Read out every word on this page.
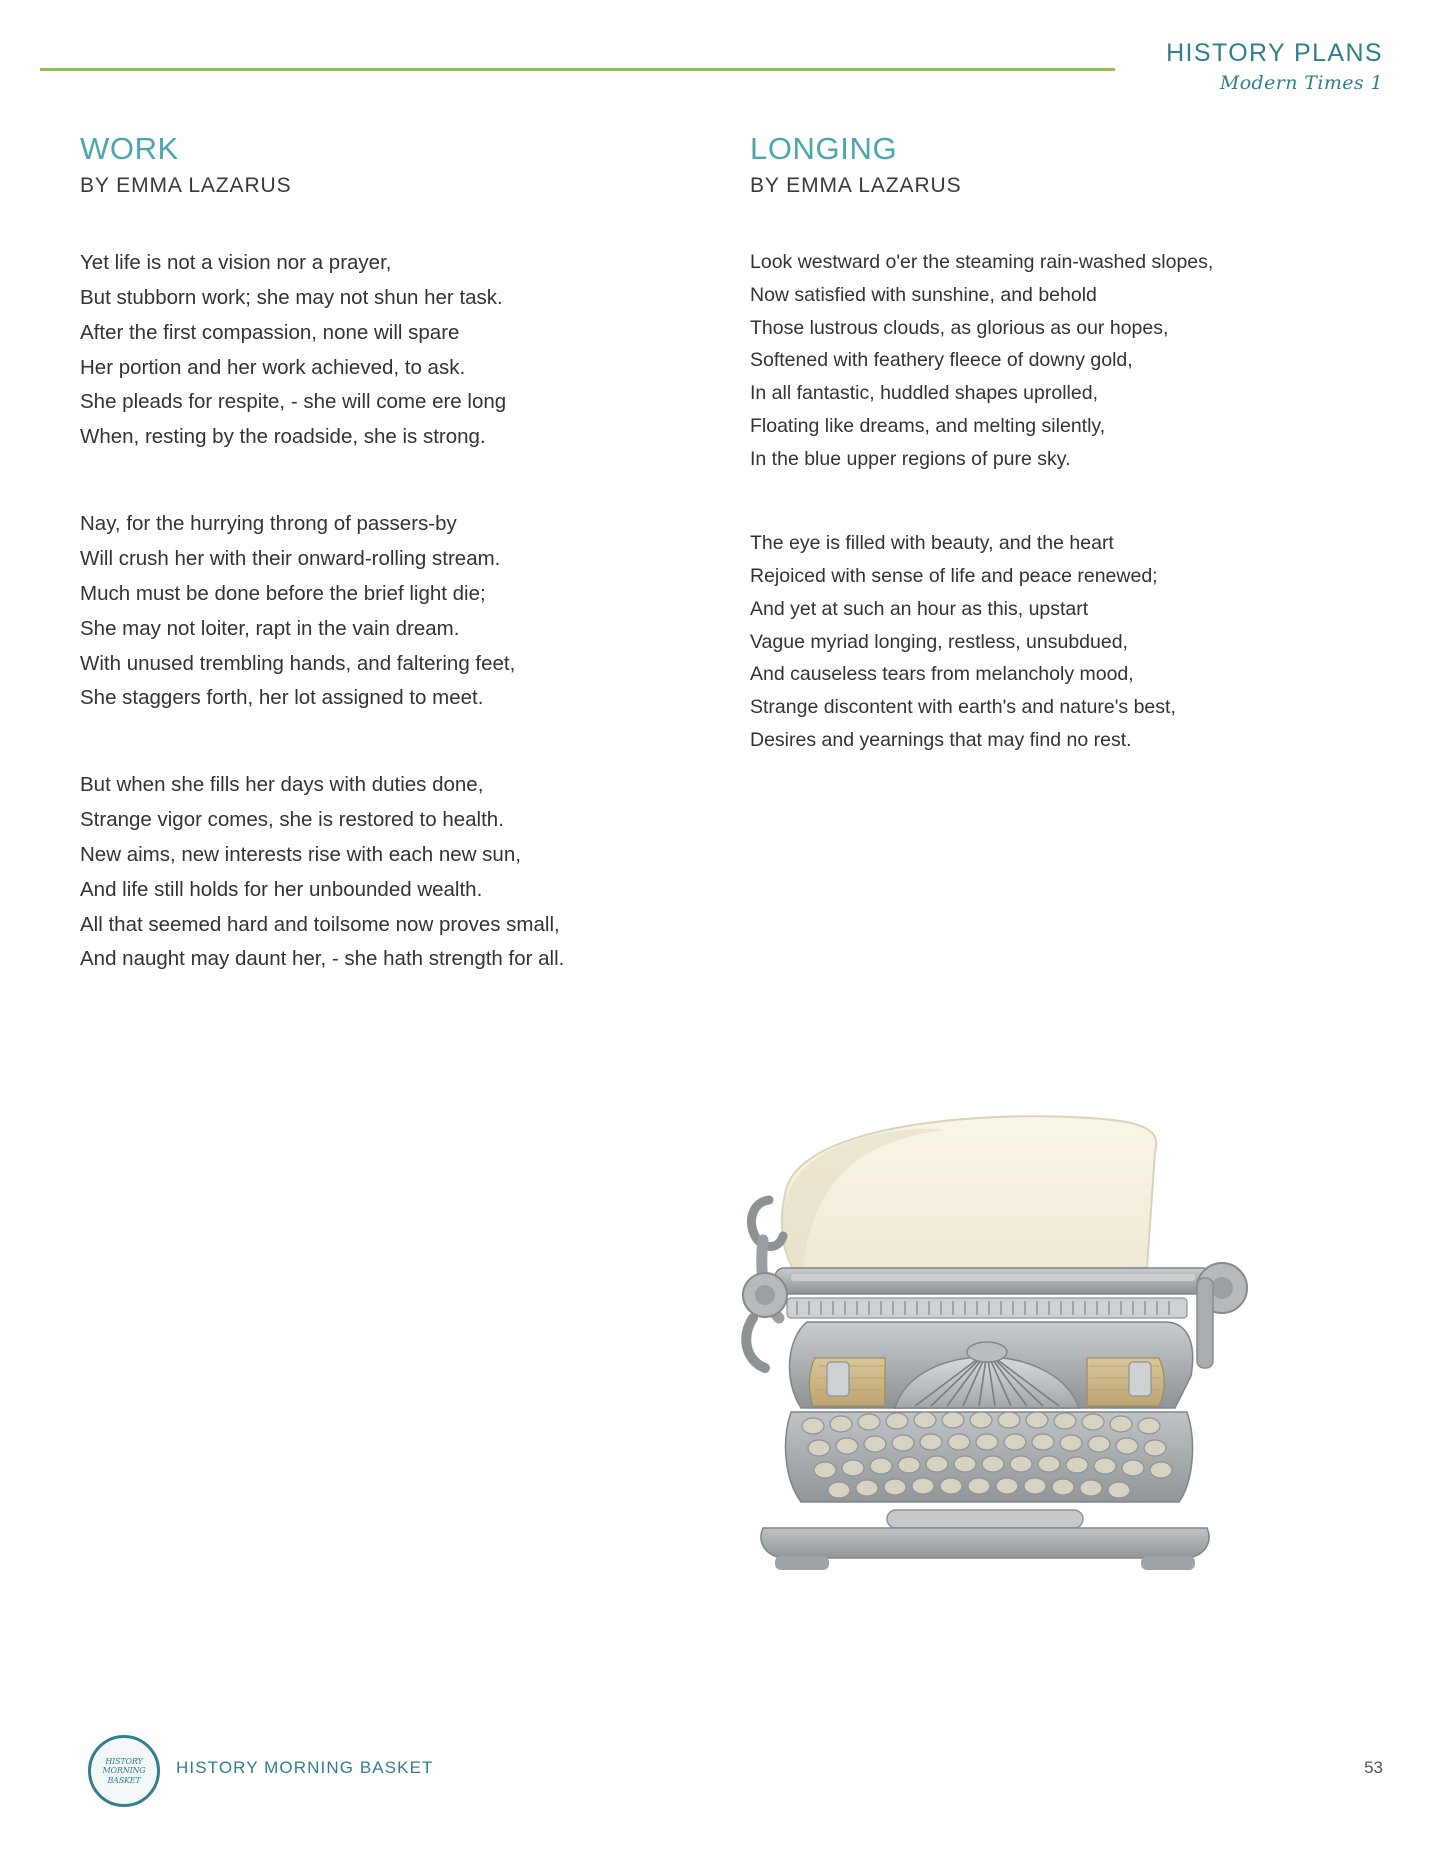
HISTORY PLANS
Modern Times 1
WORK
BY EMMA LAZARUS
Yet life is not a vision nor a prayer,
But stubborn work; she may not shun her task.
After the first compassion, none will spare
Her portion and her work achieved, to ask.
She pleads for respite, - she will come ere long
When, resting by the roadside, she is strong.
Nay, for the hurrying throng of passers-by
Will crush her with their onward-rolling stream.
Much must be done before the brief light die;
She may not loiter, rapt in the vain dream.
With unused trembling hands, and faltering feet,
She staggers forth, her lot assigned to meet.
But when she fills her days with duties done,
Strange vigor comes, she is restored to health.
New aims, new interests rise with each new sun,
And life still holds for her unbounded wealth.
All that seemed hard and toilsome now proves small,
And naught may daunt her, - she hath strength for all.
LONGING
BY EMMA LAZARUS
Look westward o'er the steaming rain-washed slopes,
Now satisfied with sunshine, and behold
Those lustrous clouds, as glorious as our hopes,
Softened with feathery fleece of downy gold,
In all fantastic, huddled shapes uprolled,
Floating like dreams, and melting silently,
In the blue upper regions of pure sky.
The eye is filled with beauty, and the heart
Rejoiced with sense of life and peace renewed;
And yet at such an hour as this, upstart
Vague myriad longing, restless, unsubdued,
And causeless tears from melancholy mood,
Strange discontent with earth's and nature's best,
Desires and yearnings that may find no rest.
HISTORY MORNING BASKET
HISTORY MORNING BASKET	53
